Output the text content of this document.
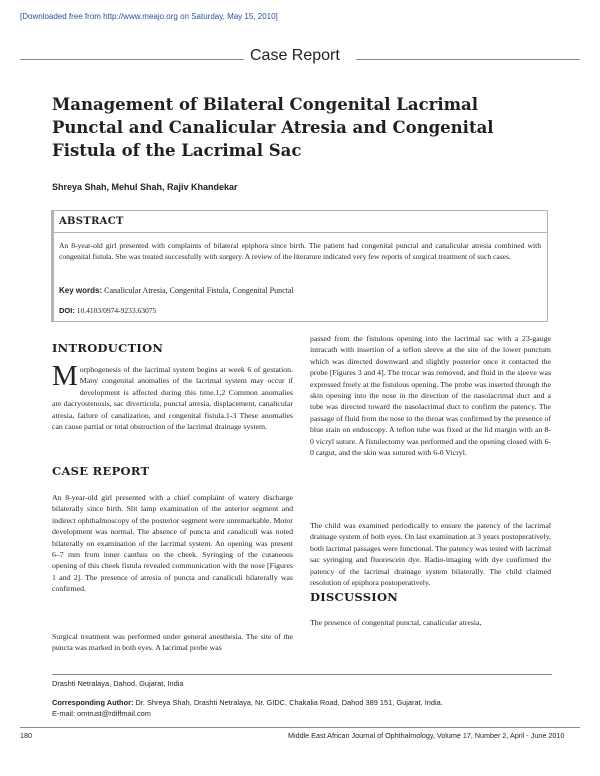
[Downloaded free from http://www.meajo.org on Saturday, May 15, 2010]
Case Report
Management of Bilateral Congenital Lacrimal Punctal and Canalicular Atresia and Congenital Fistula of the Lacrimal Sac
Shreya Shah, Mehul Shah, Rajiv Khandekar
ABSTRACT
An 8-year-old girl presented with complaints of bilateral epiphora since birth. The patient had congenital punctal and canalicular atresia combined with congenital fistula. She was treated successfully with surgery. A review of the literature indicated very few reports of surgical treatment of such cases.
Key words: Canalicular Atresia, Congenital Fistula, Congenital Punctal
DOI: 10.4103/0974-9233.63075
INTRODUCTION
Morphogenesis of the lacrimal system begins at week 6 of gestation. Many congenital anomalies of the lacrimal system may occur if development is affected during this time.1,2 Common anomalies are dacryostenosis, sac diverticula, punctal atresia, displacement, canalicular atresia, failure of canalization, and congenital fistula.1-3 These anomalies can cause partial or total obstruction of the lacrimal drainage system.
CASE REPORT
An 8-year-old girl presented with a chief complaint of watery discharge bilaterally since birth. Slit lamp examination of the anterior segment and indirect ophthalmoscopy of the posterior segment were unremarkable. Motor development was normal. The absence of puncta and canaliculi was noted bilaterally on examination of the lacrimal system. An opening was present 6–7 mm from inner canthus on the cheek. Syringing of the cutaneous opening of this cheek fistula revealed communication with the nose [Figures 1 and 2]. The presence of atresia of puncta and canaliculi bilaterally was confirmed.
Surgical treatment was performed under general anesthesia. The site of the puncta was marked in both eyes. A lacrimal probe was
passed from the fistulous opening into the lacrimal sac with a 23-gauge intracath with insertion of a teflon sleeve at the site of the lower punctum which was directed downward and slightly posterior once it contacted the probe [Figures 3 and 4]. The trocar was removed, and fluid in the sleeve was expressed freely at the fistulous opening. The probe was inserted through the skin opening into the nose in the direction of the nasolacrimal duct and a tube was directed toward the nasolacrimal duct to confirm the patency. The passage of fluid from the nose to the throat was confirmed by the presence of blue stain on endoscopy. A teflon tube was fixed at the lid margin with an 8-0 vicryl suture. A fistulectomy was performed and the opening closed with 6-0 catgut, and the skin was sutured with 6-0 Vicryl.
The child was examined periodically to ensure the patency of the lacrimal drainage system of both eyes. On last examination at 3 years postoperatively, both lacrimal passages were functional. The patency was tested with lacrimal sac syringing and fluorescein dye. Radio-imaging with dye confirmed the patency of the lacrimal drainage system bilaterally. The child claimed resolution of epiphora postoperatively.
DISCUSSION
The presence of congenital punctal, canalicular atresia,
Drashti Netralaya, Dahod, Gujarat, India
Corresponding Author: Dr. Shreya Shah, Drashti Netralaya, Nr. GIDC, Chakalia Road, Dahod 389 151, Gujarat, India.
E-mail: omtrust@rdiffmail.com
180	Middle East African Journal of Ophthalmology, Volume 17, Number 2, April - June 2010
